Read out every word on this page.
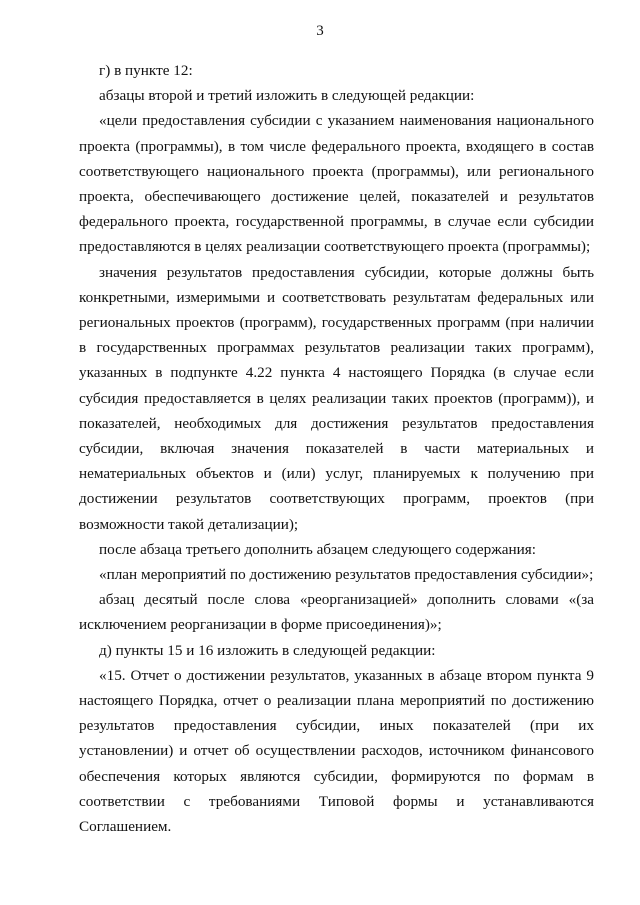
3

г) в пункте 12:

абзацы второй и третий изложить в следующей редакции:

«цели предоставления субсидии с указанием наименования национального проекта (программы), в том числе федерального проекта, входящего в состав соответствующего национального проекта (программы), или регионального проекта, обеспечивающего достижение целей, показателей и результатов федерального проекта, государственной программы, в случае если субсидии предоставляются в целях реализации соответствующего проекта (программы);

значения результатов предоставления субсидии, которые должны быть конкретными, измеримыми и соответствовать результатам федеральных или региональных проектов (программ), государственных программ (при наличии в государственных программах результатов реализации таких программ), указанных в подпункте 4.22 пункта 4 настоящего Порядка (в случае если субсидия предоставляется в целях реализации таких проектов (программ)), и показателей, необходимых для достижения результатов предоставления субсидии, включая значения показателей в части материальных и нематериальных объектов и (или) услуг, планируемых к получению при достижении результатов соответствующих программ, проектов (при возможности такой детализации);

после абзаца третьего дополнить абзацем следующего содержания:

«план мероприятий по достижению результатов предоставления субсидии»;

абзац десятый после слова «реорганизацией» дополнить словами «(за исключением реорганизации в форме присоединения)»;

д) пункты 15 и 16 изложить в следующей редакции:

«15. Отчет о достижении результатов, указанных в абзаце втором пункта 9 настоящего Порядка, отчет о реализации плана мероприятий по достижению результатов предоставления субсидии, иных показателей (при их установлении) и отчет об осуществлении расходов, источником финансового обеспечения которых являются субсидии, формируются по формам в соответствии с требованиями Типовой формы и устанавливаются Соглашением.
